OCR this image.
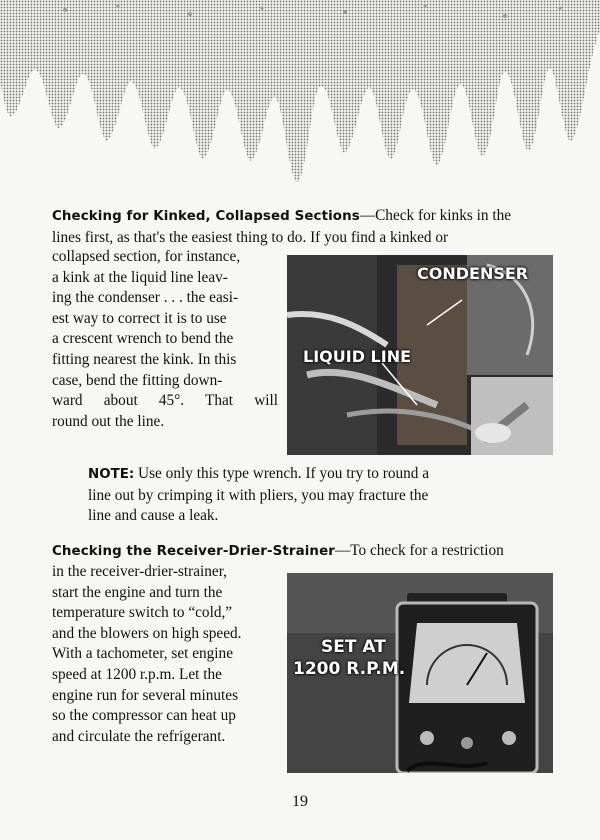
Checking for Kinked, Collapsed Sections—Check for kinks in the
lines first, as that's the easiest thing to do. If you find a kinked or
collapsed section, for instance,
a kink at the liquid line leav-
ing the condenser . . . the easi-
est way to correct it is to use
a crescent wrench to bend the
fitting nearest the kink. In this
case, bend the fitting down-
ward about 45°. That will
round out the line.
CONDENSER
LIQUID LINE
NOTE: Use only this type wrench. If you try to round a
line out by crimping it with pliers, you may fracture the
line and cause a leak.
Checking the Receiver-Drier-Strainer—To check for a restriction
in the receiver-drier-strainer,
start the engine and turn the
temperature switch to “cold,”
and the blowers on high speed.
With a tachometer, set engine
speed at 1200 r.p.m. Let the
engine run for several minutes
so the compressor can heat up
and circulate the refrigerant.
SET AT
1200 R.P.M.
19
